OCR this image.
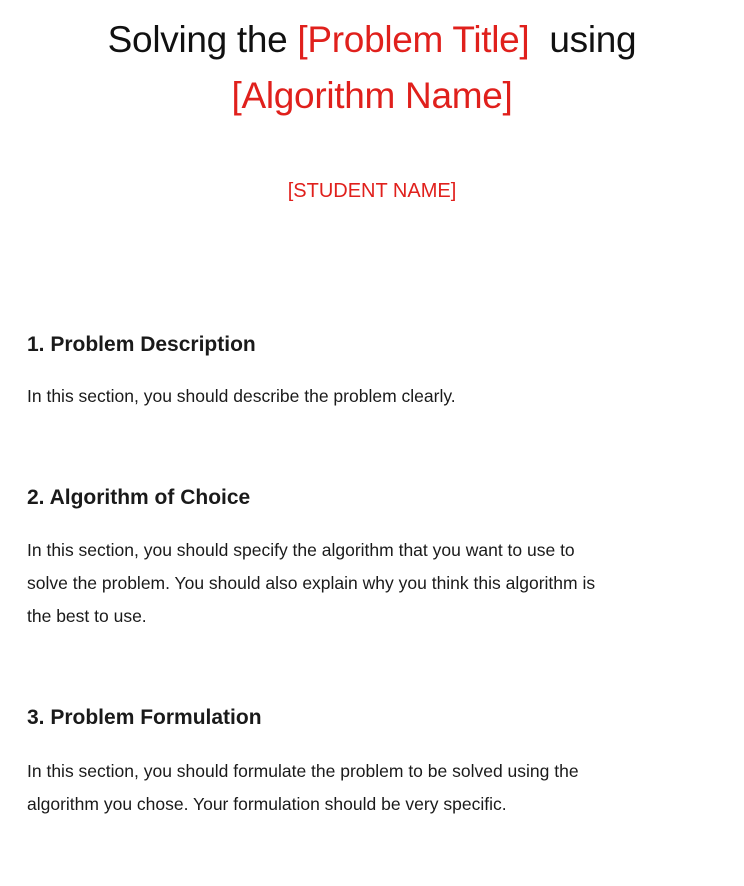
Solving the [Problem Title]  using
[Algorithm Name]
[STUDENT NAME]
1. Problem Description
In this section, you should describe the problem clearly.
2. Algorithm of Choice
In this section, you should specify the algorithm that you want to use to
solve the problem. You should also explain why you think this algorithm is
the best to use.
3. Problem Formulation
In this section, you should formulate the problem to be solved using the
algorithm you chose. Your formulation should be very specific.
